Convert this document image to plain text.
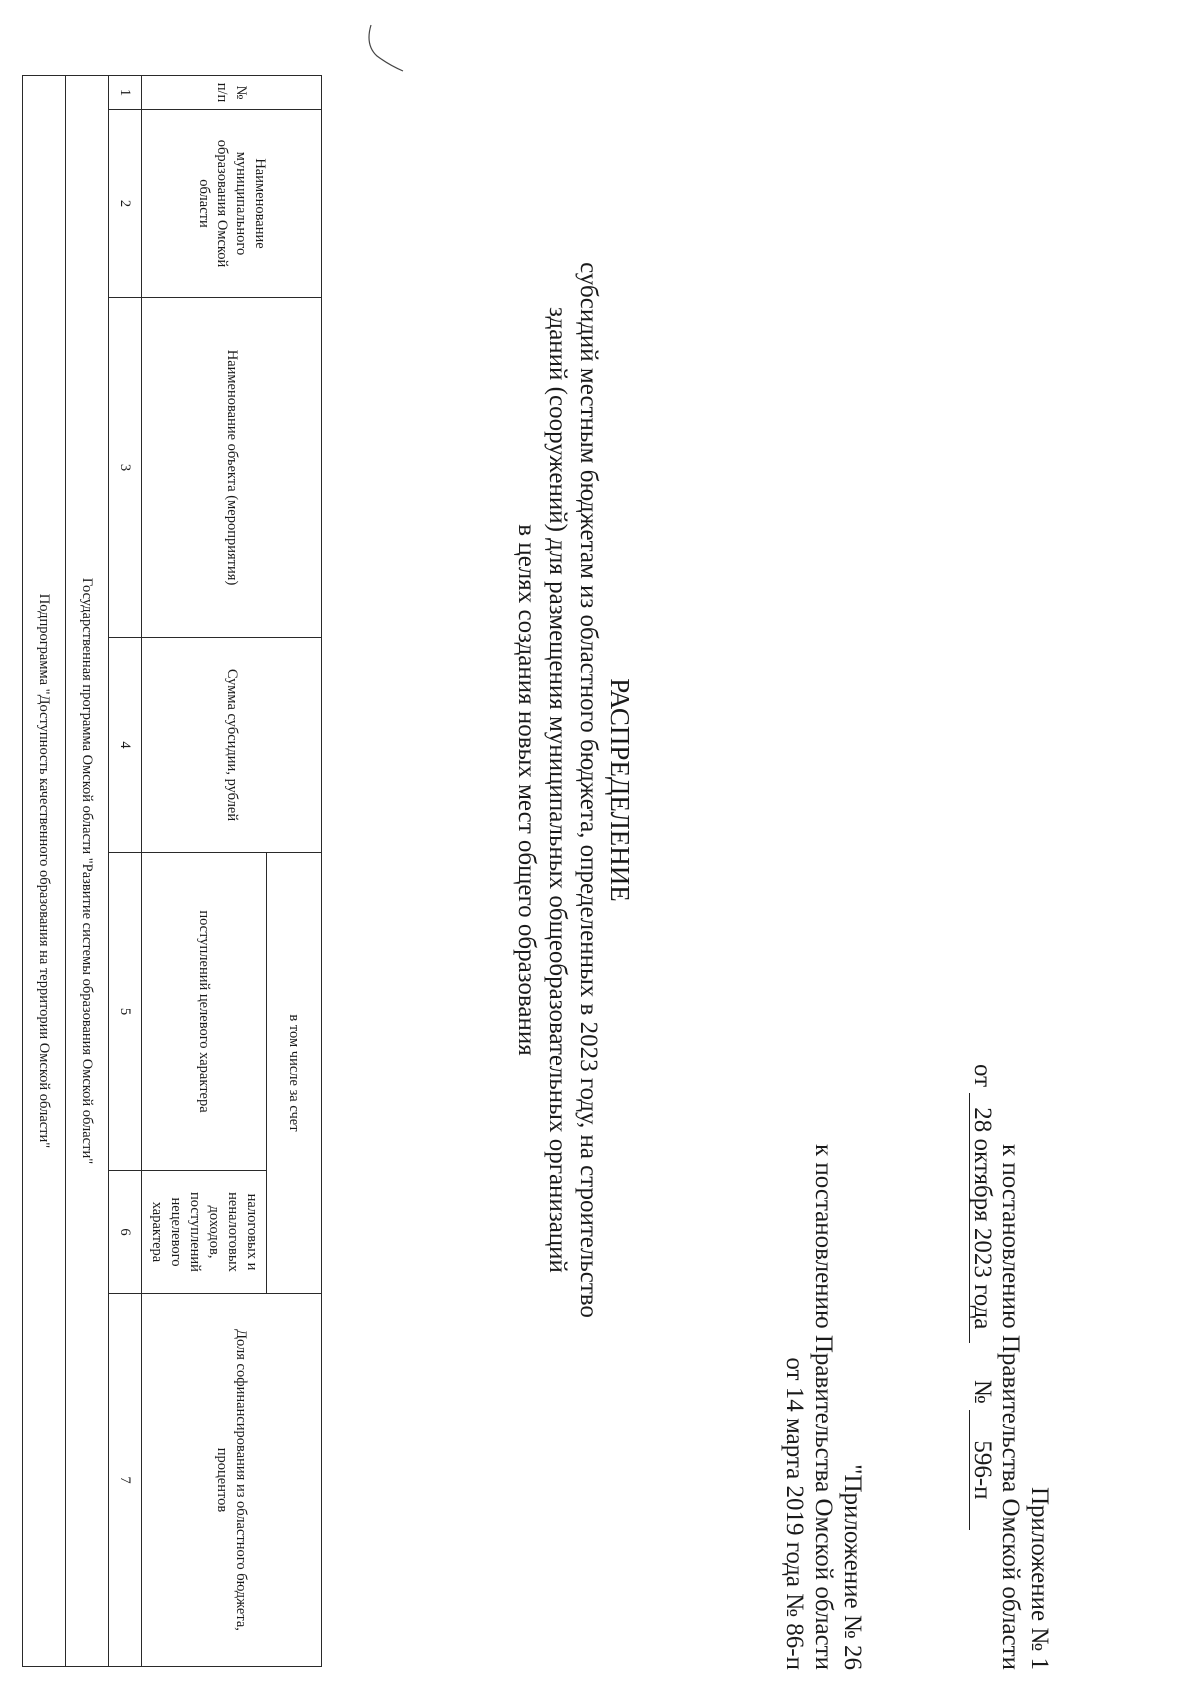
Приложение № 1
к постановлению Правительства Омской области
от 28 октября 2023 года  № 596-п
"Приложение № 26
к постановлению Правительства Омской области
от 14 марта 2019 года № 86-п
РАСПРЕДЕЛЕНИЕ
субсидий местным бюджетам из областного бюджета, определенных в 2023 году, на строительство
зданий (сооружений) для размещения муниципальных общеобразовательных организаций
в целях создания новых мест общего образования
№ п/п	Наименование муниципального образования Омской области	Наименование объекта (мероприятия)	Сумма субсидии, рублей	в том числе за счет		Доля софинансирования из областного бюджета, процентов
				поступлений целевого характера	налоговых и неналоговых доходов, поступлений нецелевого характера	
1	2	3	4	5	6	7
Государственная программа Омской области "Развитие системы образования Омской области"						
Подпрограмма "Доступность качественного образования на территории Омской области"						
